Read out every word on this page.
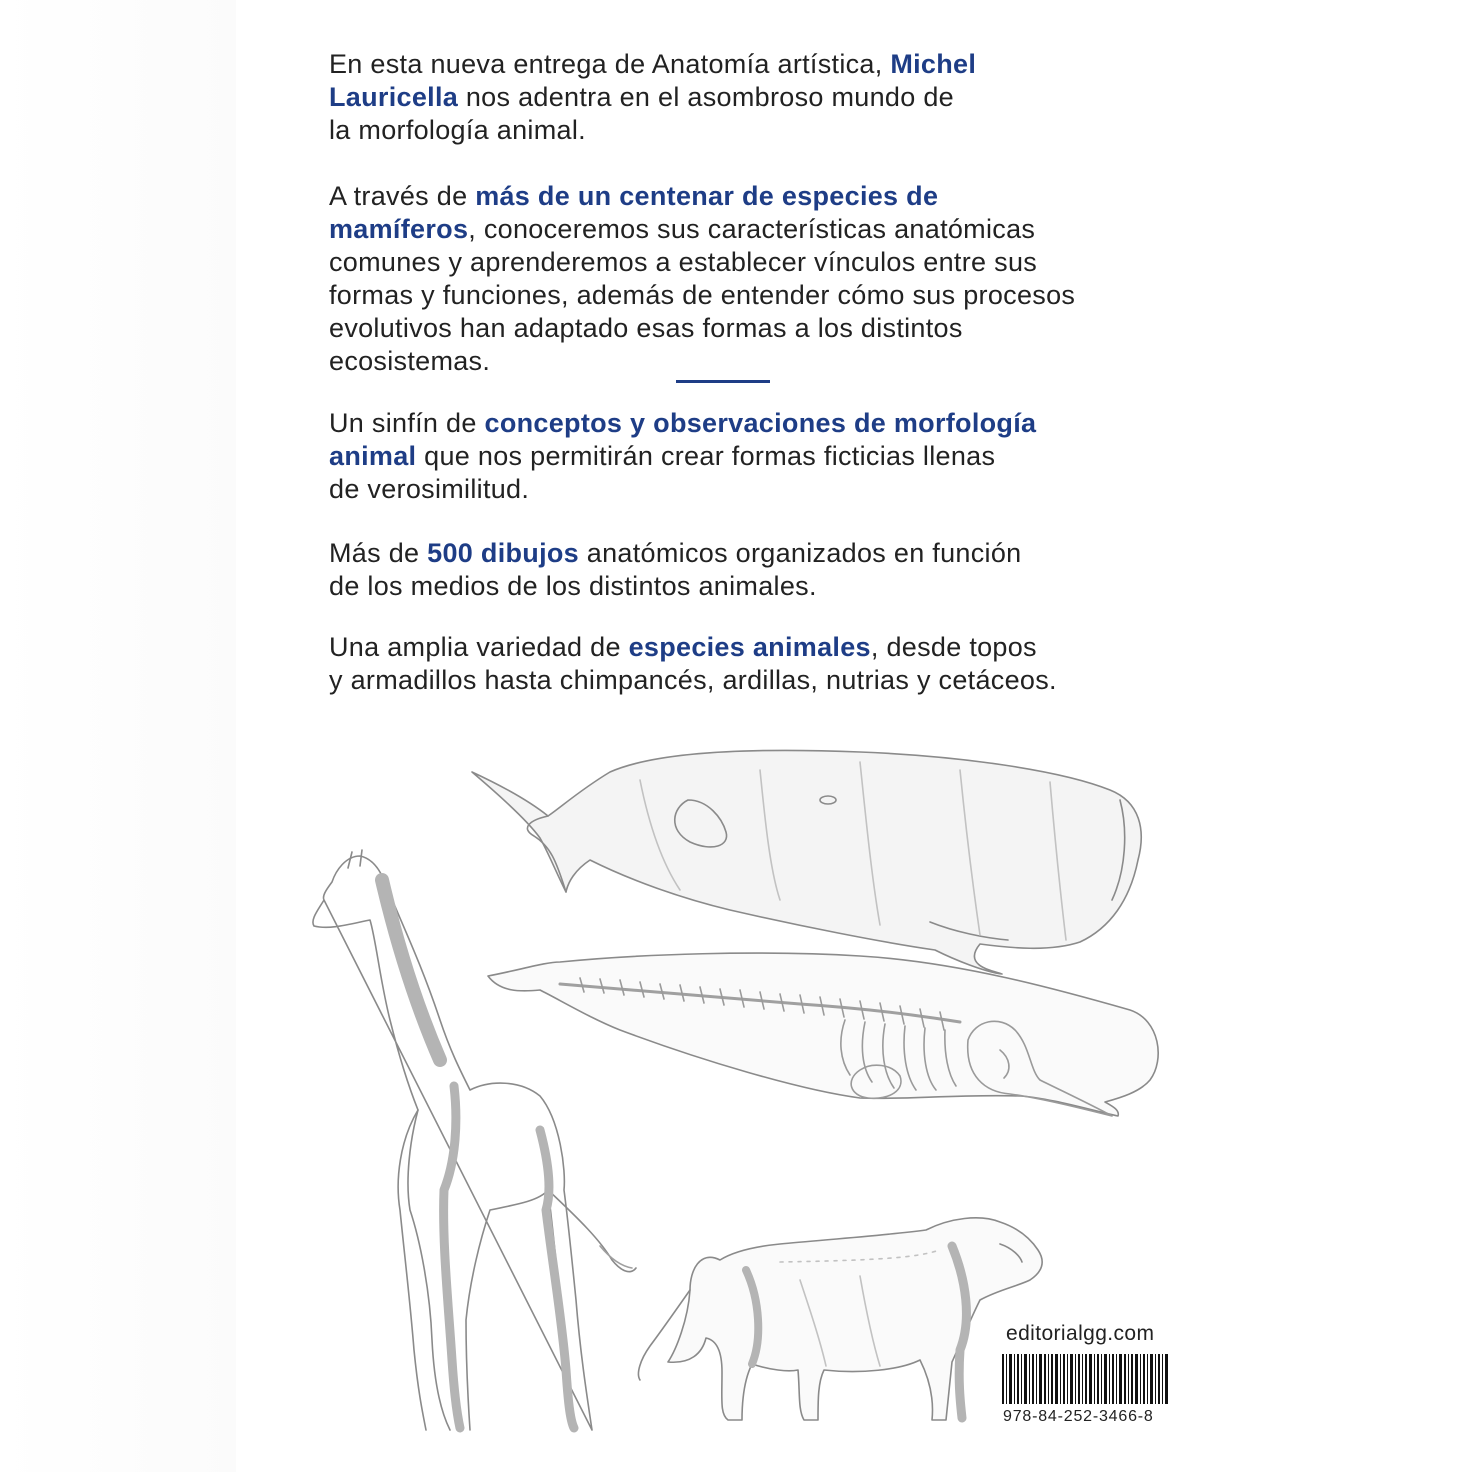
En esta nueva entrega de Anatomía artística, Michel
Lauricella nos adentra en el asombroso mundo de
la morfología animal.

A través de más de un centenar de especies de
mamíferos, conoceremos sus características anatómicas
comunes y aprenderemos a establecer vínculos entre sus
formas y funciones, además de entender cómo sus procesos
evolutivos han adaptado esas formas a los distintos
ecosistemas.

Un sinfín de conceptos y observaciones de morfología
animal que nos permitirán crear formas ficticias llenas
de verosimilitud.

Más de 500 dibujos anatómicos organizados en función
de los medios de los distintos animales.

Una amplia variedad de especies animales, desde topos
y armadillos hasta chimpancés, ardillas, nutrias y cetáceos.

editorialgg.com
978-84-252-3466-8
